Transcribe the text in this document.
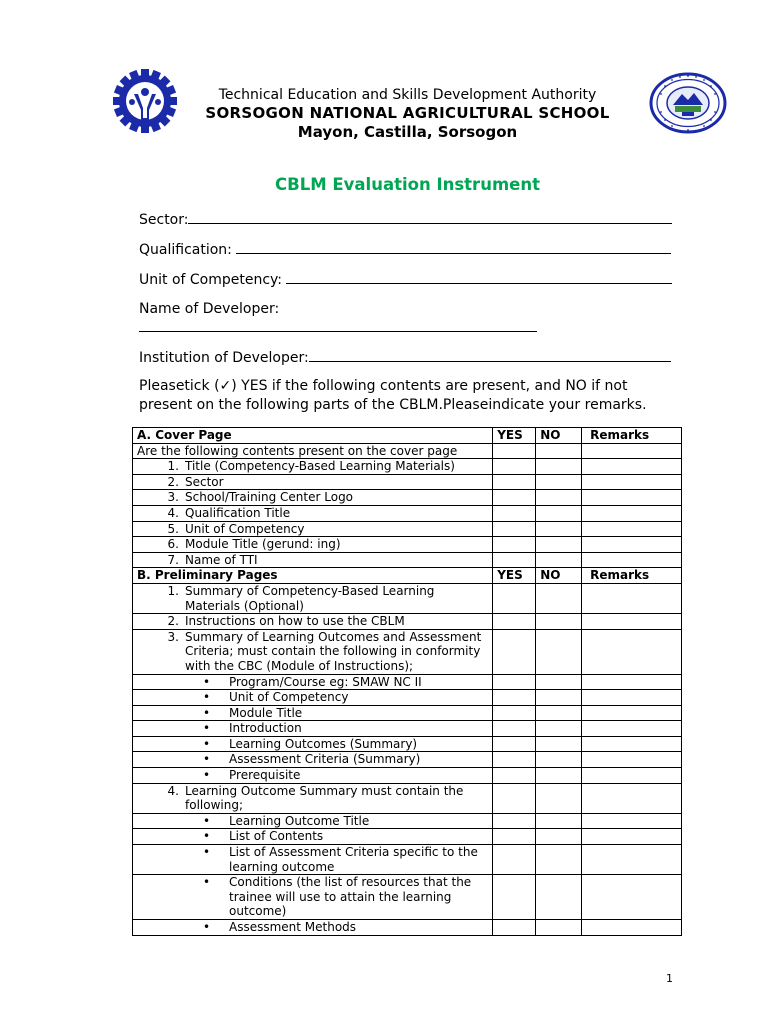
Technical Education and Skills Development Authority
SORSOGON NATIONAL AGRICULTURAL SCHOOL
Mayon, Castilla, Sorsogon
CBLM Evaluation Instrument
Sector:
Qualification:
Unit of Competency:
Name of Developer:
Institution of Developer:
Pleasetick (✓) YES if the following contents are present, and NO if not present on the following parts of the CBLM.Pleaseindicate your remarks.
A. Cover Page	YES	NO	Remarks
Are the following contents present on the cover page			
1. Title (Competency-Based Learning Materials)			
2. Sector			
3. School/Training Center Logo			
4. Qualification Title			
5. Unit of Competency			
6. Module Title (gerund: ing)			
7. Name of TTI			
B. Preliminary Pages	YES	NO	Remarks

1. Summary of Competency-Based Learning Materials (Optional)			

2. Instructions on how to use the CBLM			

3. Summary of Learning Outcomes and Assessment Criteria; must contain the following in conformity with the CBC (Module of Instructions);			

• Program/Course eg: SMAW NC II			

• Unit of Competency			

• Module Title			

• Introduction			

• Learning Outcomes (Summary)			

• Assessment Criteria (Summary)			

• Prerequisite			

4. Learning Outcome Summary must contain the following;			

• Learning Outcome Title			

• List of Contents			

• List of Assessment Criteria specific to the learning outcome			

• Conditions (the list of resources that the trainee will use to attain the learning outcome)			

• Assessment Methods			

1
